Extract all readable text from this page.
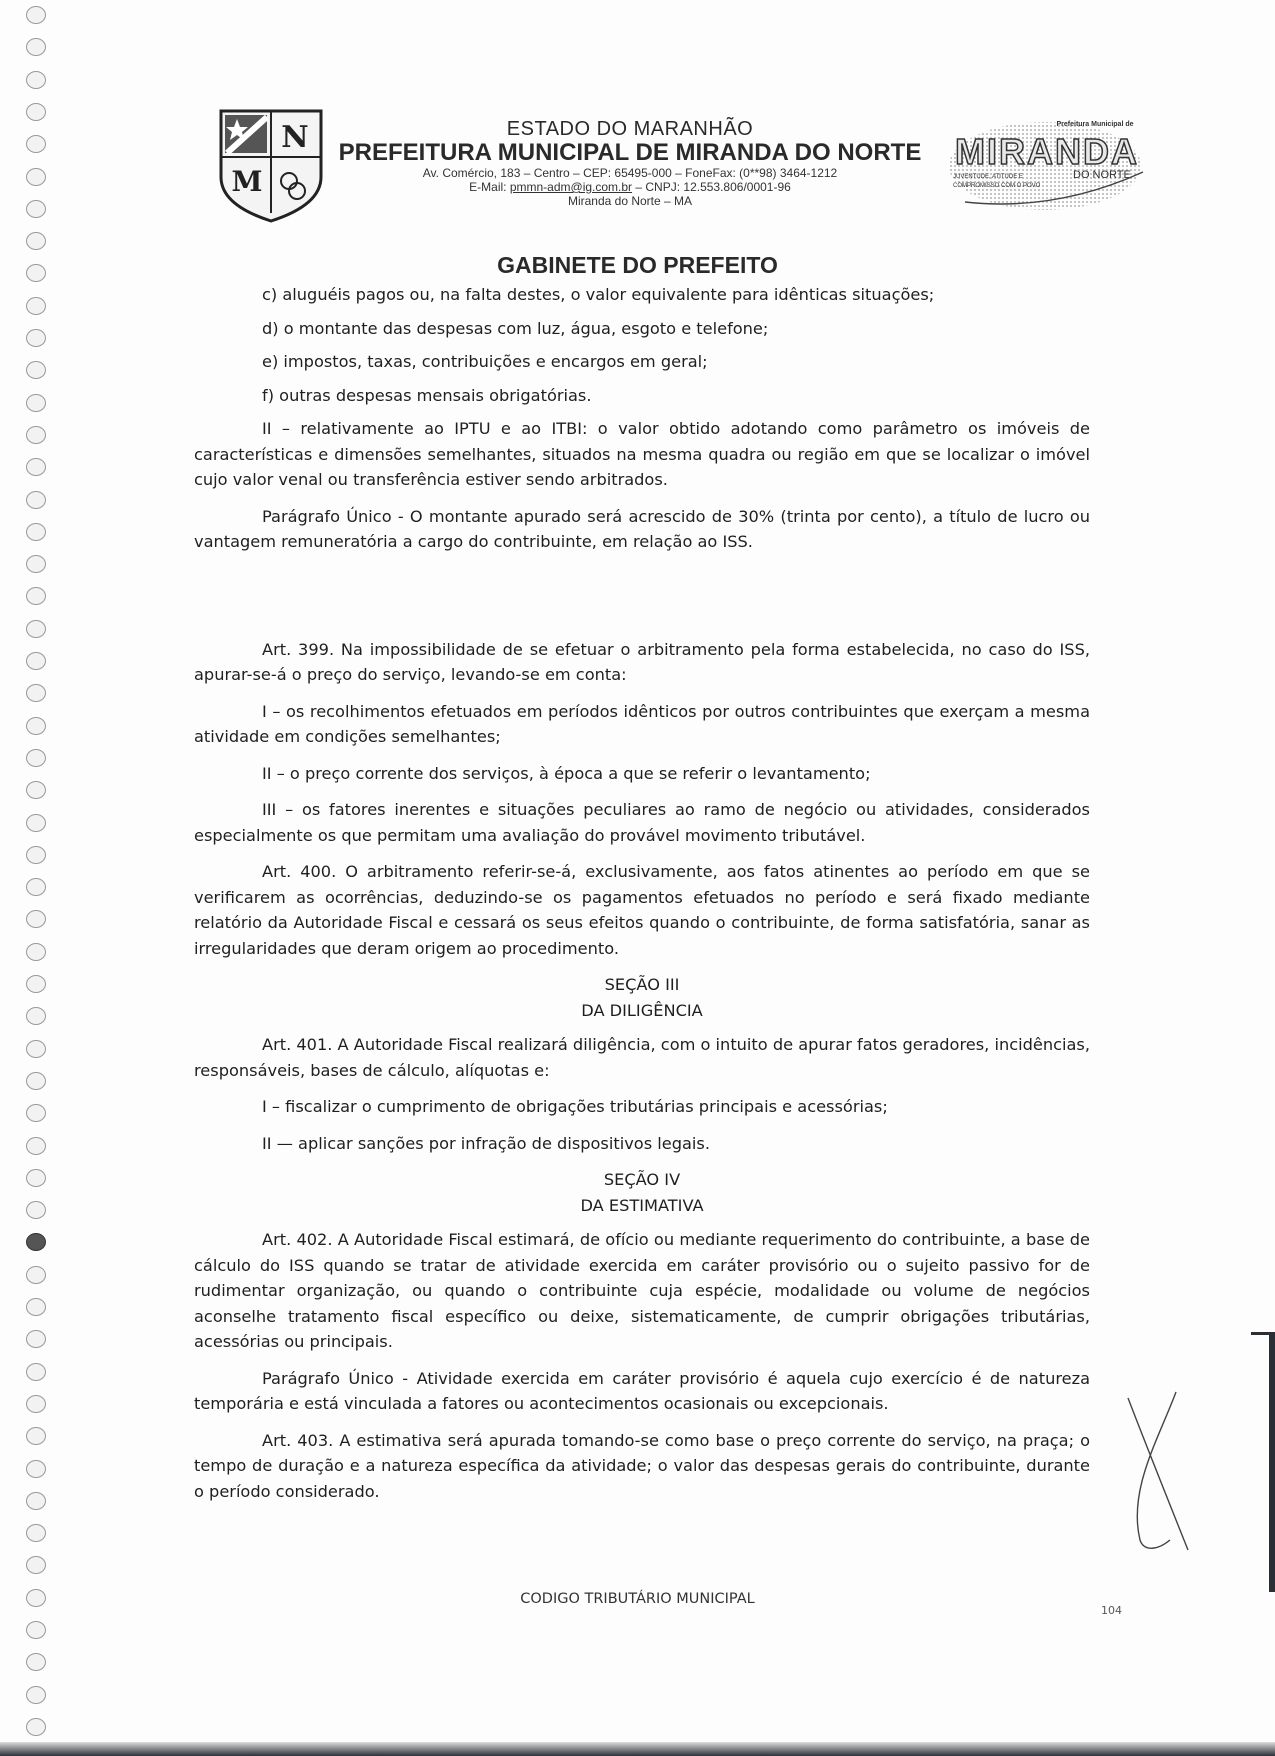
N
M
ESTADO DO MARANHÃO
PREFEITURA MUNICIPAL DE MIRANDA DO NORTE
Av. Comércio, 183 – Centro – CEP: 65495-000 – FoneFax: (0**98) 3464-1212
E-Mail: pmmn-adm@ig.com.br – CNPJ: 12.553.806/0001-96
Miranda do Norte – MA
Prefeitura Municipal de
MIRANDA
DO NORTE
JUVENTUDE, ATITUDE E
COMPROMISSO COM O POVO
GABINETE DO PREFEITO

c) aluguéis pagos ou, na falta destes, o valor equivalente para idênticas situações;

d) o montante das despesas com luz, água, esgoto e telefone;

e) impostos, taxas, contribuições e encargos em geral;

f) outras despesas mensais obrigatórias.

II – relativamente ao IPTU e ao ITBI: o valor obtido adotando como parâmetro os imóveis de características e dimensões semelhantes, situados na mesma quadra ou região em que se localizar o imóvel cujo valor venal ou transferência estiver sendo arbitrados.

Parágrafo Único - O montante apurado será acrescido de 30% (trinta por cento), a título de lucro ou vantagem remuneratória a cargo do contribuinte, em relação ao ISS.

Art. 399. Na impossibilidade de se efetuar o arbitramento pela forma estabelecida, no caso do ISS, apurar-se-á o preço do serviço, levando-se em conta:

I – os recolhimentos efetuados em períodos idênticos por outros contribuintes que exerçam a mesma atividade em condições semelhantes;

II – o preço corrente dos serviços, à época a que se referir o levantamento;

III – os fatores inerentes e situações peculiares ao ramo de negócio ou atividades, considerados especialmente os que permitam uma avaliação do provável movimento tributável.

Art. 400. O arbitramento referir-se-á, exclusivamente, aos fatos atinentes ao período em que se verificarem as ocorrências, deduzindo-se os pagamentos efetuados no período e será fixado mediante relatório da Autoridade Fiscal e cessará os seus efeitos quando o contribuinte, de forma satisfatória, sanar as irregularidades que deram origem ao procedimento.

SEÇÃO III

DA DILIGÊNCIA

Art. 401. A Autoridade Fiscal realizará diligência, com o intuito de apurar fatos geradores, incidências, responsáveis, bases de cálculo, alíquotas e:

I – fiscalizar o cumprimento de obrigações tributárias principais e acessórias;

II — aplicar sanções por infração de dispositivos legais.

SEÇÃO IV

DA ESTIMATIVA

Art. 402. A Autoridade Fiscal estimará, de ofício ou mediante requerimento do contribuinte, a base de cálculo do ISS quando se tratar de atividade exercida em caráter provisório ou o sujeito passivo for de rudimentar organização, ou quando o contribuinte cuja espécie, modalidade ou volume de negócios aconselhe tratamento fiscal específico ou deixe, sistematicamente, de cumprir obrigações tributárias, acessórias ou principais.

Parágrafo Único - Atividade exercida em caráter provisório é aquela cujo exercício é de natureza temporária e está vinculada a fatores ou acontecimentos ocasionais ou excepcionais.

Art. 403. A estimativa será apurada tomando-se como base o preço corrente do serviço, na praça; o tempo de duração e a natureza específica da atividade; o valor das despesas gerais do contribuinte, durante o período considerado.

CODIGO TRIBUTÁRIO MUNICIPAL
104
